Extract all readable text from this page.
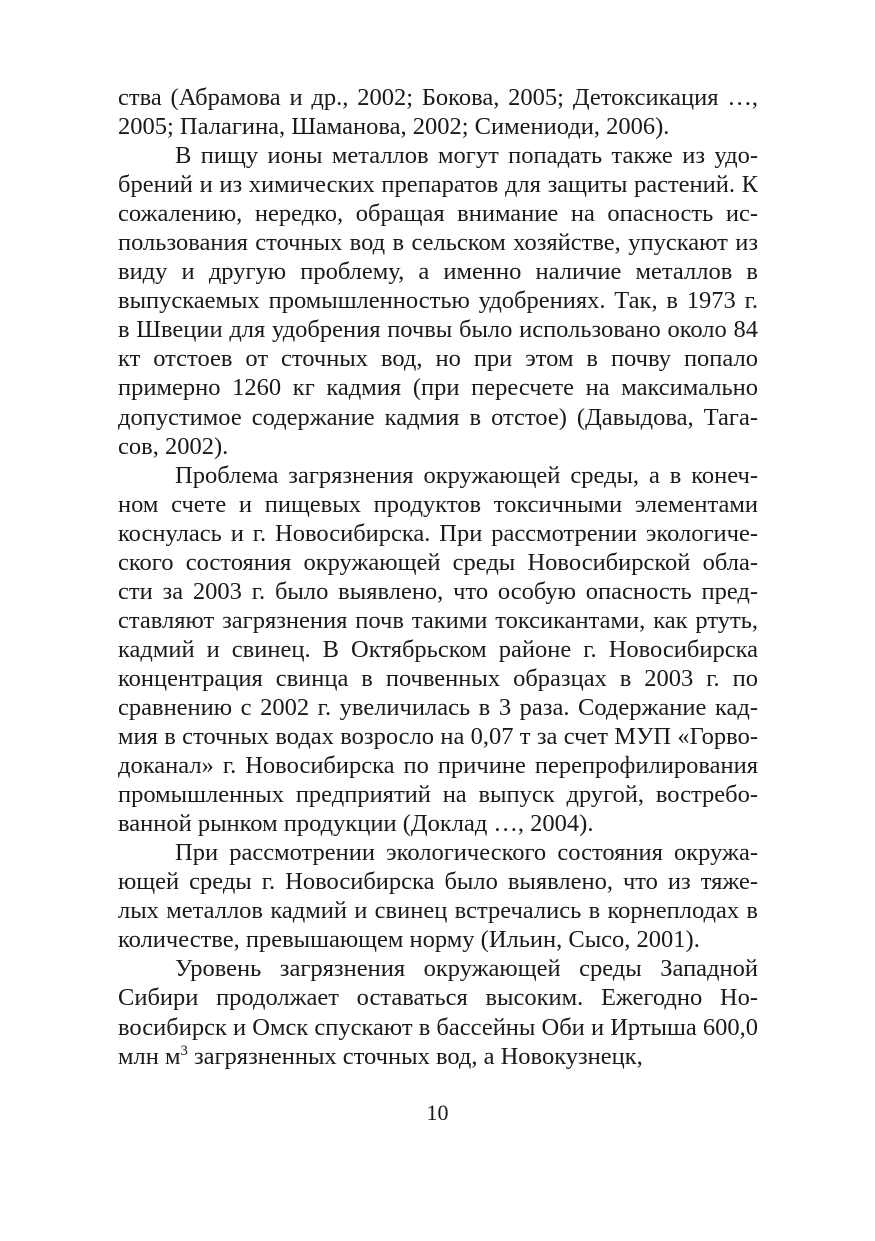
ства (Абрамова и др., 2002; Бокова, 2005; Детоксикация …, 2005; Палагина, Шаманова, 2002; Симениоди, 2006).

В пищу ионы металлов могут попадать также из удо- брений и из химических препаратов для защиты растений. К сожалению, нередко, обращая внимание на опасность ис- пользования сточных вод в сельском хозяйстве, упускают из виду и другую проблему, а именно наличие металлов в выпускаемых промышленностью удобрениях. Так, в 1973 г. в Швеции для удобрения почвы было использовано около 84 кт отстоев от сточных вод, но при этом в почву попало примерно 1260 кг кадмия (при пересчете на максимально допустимое содержание кадмия в отстое) (Давыдова, Тага- сов, 2002).

Проблема загрязнения окружающей среды, а в конеч- ном счете и пищевых продуктов токсичными элементами коснулась и г. Новосибирска. При рассмотрении экологиче- ского состояния окружающей среды Новосибирской обла- сти за 2003 г. было выявлено, что особую опасность пред- ставляют загрязнения почв такими токсикантами, как ртуть, кадмий и свинец. В Октябрьском районе г. Новосибирска концентрация свинца в почвенных образцах в 2003 г. по сравнению с 2002 г. увеличилась в 3 раза. Содержание кад- мия в сточных водах возросло на 0,07 т за счет МУП «Горво- доканал» г. Новосибирска по причине перепрофилирования промышленных предприятий на выпуск другой, востребо- ванной рынком продукции (Доклад …, 2004).

При рассмотрении экологического состояния окружа- ющей среды г. Новосибирска было выявлено, что из тяже- лых металлов кадмий и свинец встречались в корнеплодах в количестве, превышающем норму (Ильин, Сысо, 2001).

Уровень загрязнения окружающей среды Западной Сибири продолжает оставаться высоким. Ежегодно Но- восибирск и Омск спускают в бассейны Оби и Иртыша 600,0 млн $м^3$ загрязненных сточных вод, а Новокузнецк,

10
